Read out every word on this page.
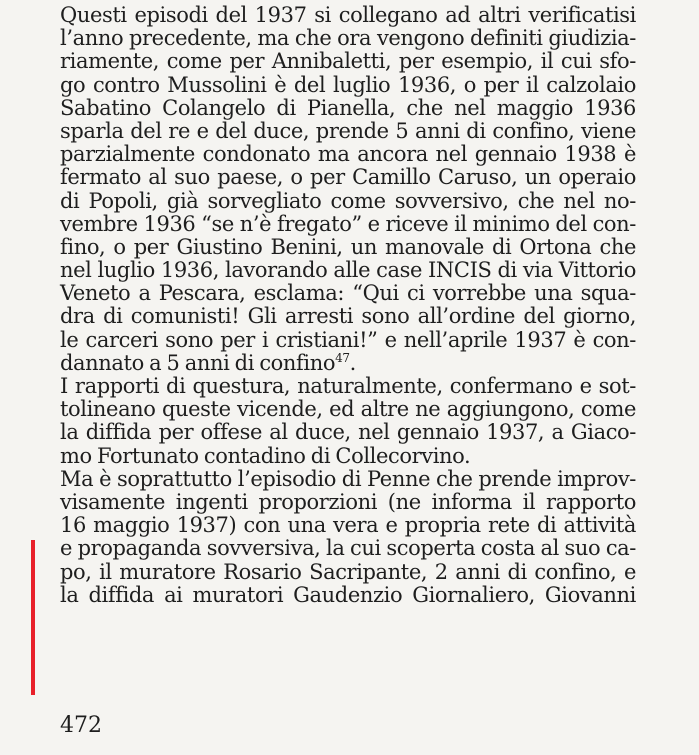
Questi episodi del 1937 si collegano ad altri verificatisi
l’anno precedente, ma che ora vengono definiti giudizia-
riamente, come per Annibaletti, per esempio, il cui sfo-
go contro Mussolini è del luglio 1936, o per il calzolaio
Sabatino Colangelo di Pianella, che nel maggio 1936
sparla del re e del duce, prende 5 anni di confino, viene
parzialmente condonato ma ancora nel gennaio 1938 è
fermato al suo paese, o per Camillo Caruso, un operaio
di Popoli, già sorvegliato come sovversivo, che nel no-
vembre 1936 “se n’è fregato” e riceve il minimo del con-
fino, o per Giustino Benini, un manovale di Ortona che
nel luglio 1936, lavorando alle case INCIS di via Vittorio
Veneto a Pescara, esclama: “Qui ci vorrebbe una squa-
dra di comunisti! Gli arresti sono all’ordine del giorno,
le carceri sono per i cristiani!” e nell’aprile 1937 è con-
dannato a 5 anni di confino$^{47}$.
I rapporti di questura, naturalmente, confermano e sot-
tolineano queste vicende, ed altre ne aggiungono, come
la diffida per offese al duce, nel gennaio 1937, a Giaco-
mo Fortunato contadino di Collecorvino.
Ma è soprattutto l’episodio di Penne che prende improv-
visamente ingenti proporzioni (ne informa il rapporto
16 maggio 1937) con una vera e propria rete di attività
e propaganda sovversiva, la cui scoperta costa al suo ca-
po, il muratore Rosario Sacripante, 2 anni di confino, e
la diffida ai muratori Gaudenzio Giornaliero, Giovanni
472
